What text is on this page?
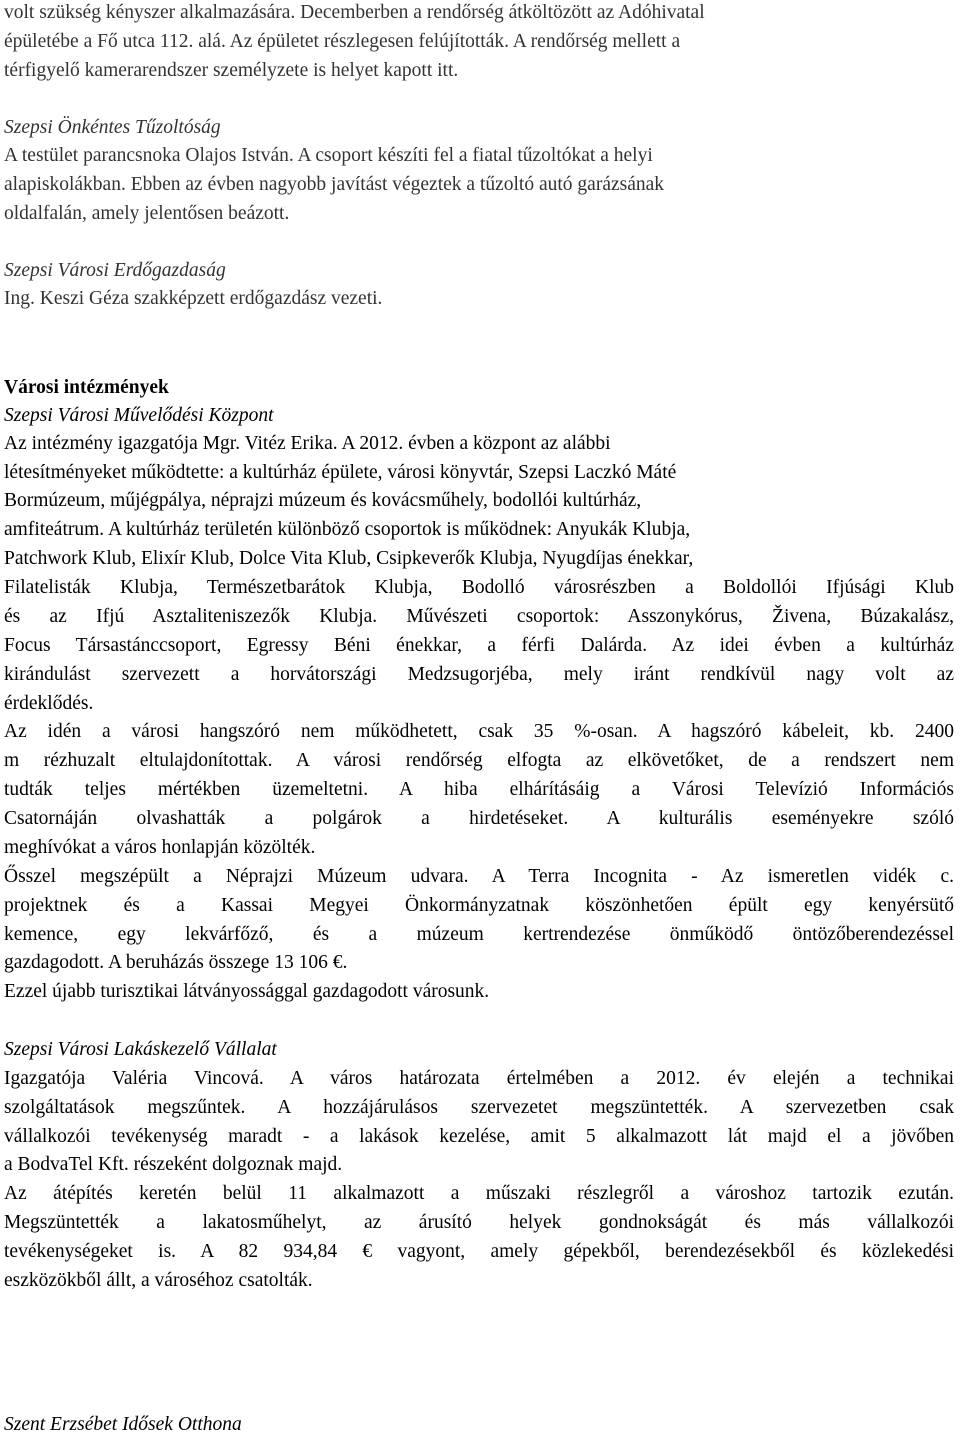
volt szükség kényszer alkalmazására. Decemberben a rendőrség átköltözött az Adóhivatal
épületébe a Fő utca 112. alá. Az épületet részlegesen felújították. A rendőrség mellett a
térfigyelő kamerarendszer személyzete is helyet kapott itt.
Szepsi Önkéntes Tűzoltóság
A testület parancsnoka Olajos István. A csoport készíti fel a fiatal tűzoltókat a helyi
alapiskolákban. Ebben az évben nagyobb javítást végeztek a tűzoltó autó garázsának
oldalfalán, amely jelentősen beázott.
Szepsi Városi Erdőgazdaság
Ing. Keszi Géza szakképzett erdőgazdász vezeti.
Városi intézmények
Szepsi Városi Művelődési Központ
Az intézmény igazgatója Mgr. Vitéz Erika. A 2012. évben a központ az alábbi
létesítményeket működtette: a kultúrház épülete, városi könyvtár, Szepsi Laczkó Máté
Bormúzeum, műjégpálya, néprajzi múzeum és kovácsműhely, bodollói kultúrház,
amfiteátrum. A kultúrház területén különböző csoportok is működnek: Anyukák Klubja,
Patchwork Klub, Elixír Klub, Dolce Vita Klub, Csipkeverők Klubja, Nyugdíjas énekkar,
Filatelisták Klubja, Természetbarátok Klubja, Bodolló városrészben a Boldollói Ifjúsági Klub
és az Ifjú Asztaliteniszezők Klubja. Művészeti csoportok: Asszonykórus, Živena, Búzakalász,
Focus Társastánccsoport, Egressy Béni énekkar, a férfi Dalárda. Az idei évben a kultúrház
kirándulást szervezett a horvátországi Medzsugorjéba, mely iránt rendkívül nagy volt az
érdeklődés.
Az idén a városi hangszóró nem működhetett, csak 35 %-osan. A hagszóró kábeleit, kb. 2400
m rézhuzalt eltulajdonítottak. A városi rendőrség elfogta az elkövetőket, de a rendszert nem
tudták teljes mértékben üzemeltetni. A hiba elhárításáig a Városi Televízió Információs
Csatornáján olvashatták a polgárok a hirdetéseket. A kulturális eseményekre szóló
meghívókat a város honlapján közölték.
Ősszel megszépült a Néprajzi Múzeum udvara. A Terra Incognita - Az ismeretlen vidék c.
projektnek és a Kassai Megyei Önkormányzatnak köszönhetően épült egy kenyérsütő
kemence, egy lekvárfőző, és a múzeum kertrendezése önműködő öntözőberendezéssel
gazdagodott. A beruházás összege 13 106 €.
Ezzel újabb turisztikai látványossággal gazdagodott városunk.
Szepsi Városi Lakáskezelő Vállalat
Igazgatója Valéria Vincová. A város határozata értelmében a 2012. év elején a technikai
szolgáltatások megszűntek. A hozzájárulásos szervezetet megszüntették. A szervezetben csak
vállalkozói tevékenység maradt - a lakások kezelése, amit 5 alkalmazott lát majd el a jövőben
a BodvaTel Kft. részeként dolgoznak majd.
Az átépítés keretén belül 11 alkalmazott a műszaki részlegről a városhoz tartozik ezután.
Megszüntették a lakatosműhelyt, az árusító helyek gondnokságát és más vállalkozói
tevékenységeket is. A 82 934,84 € vagyont, amely gépekből, berendezésekből és közlekedési
eszközökből állt, a városéhoz csatolták.
Szent Erzsébet Idősek Otthona
